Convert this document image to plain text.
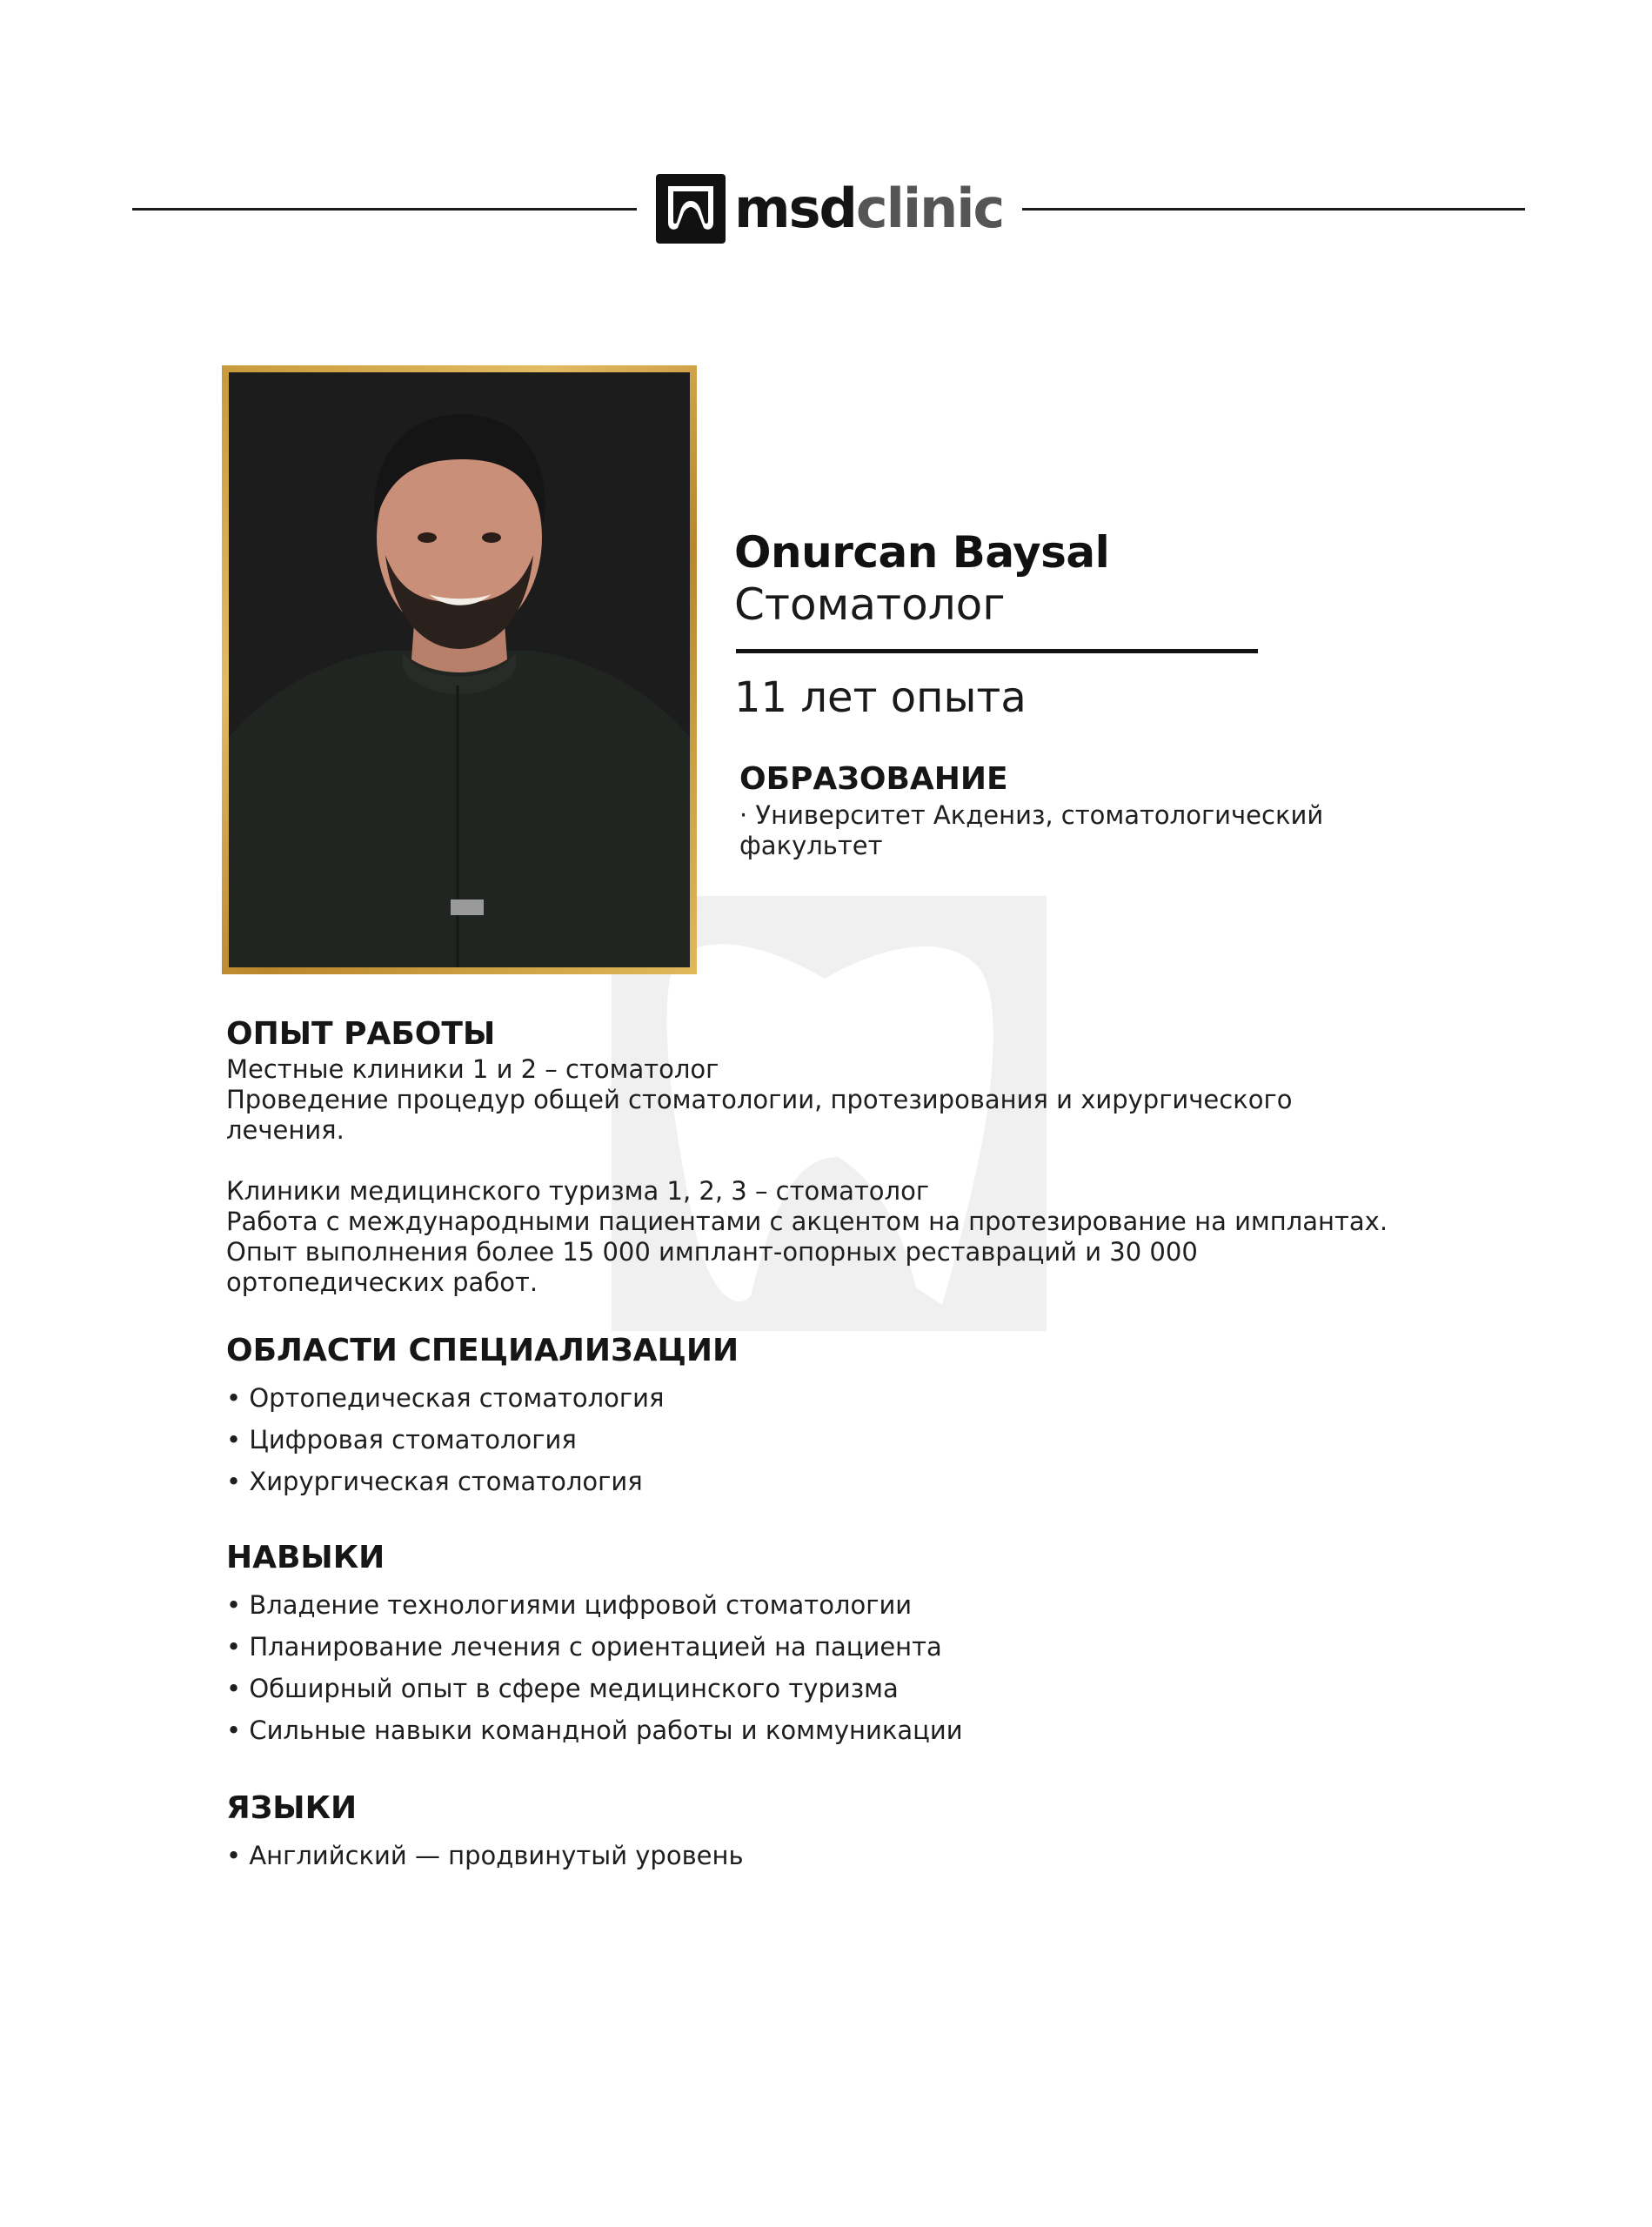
msdclinic
Onurcan Baysal
Стоматолог
11 лет опыта
ОБРАЗОВАНИЕ
· Университет Акдениз, стоматологический
факультет
ОПЫТ РАБОТЫ
Местные клиники 1 и 2 – стоматолог
Проведение процедур общей стоматологии, протезирования и хирургического
лечения.
Клиники медицинского туризма 1, 2, 3 – стоматолог
Работа с международными пациентами с акцентом на протезирование на имплантах.
Опыт выполнения более 15 000 имплант-опорных реставраций и 30 000
ортопедических работ.
ОБЛАСТИ СПЕЦИАЛИЗАЦИИ
• Ортопедическая стоматология
• Цифровая стоматология
• Хирургическая стоматология
НАВЫКИ
• Владение технологиями цифровой стоматологии
• Планирование лечения с ориентацией на пациента
• Обширный опыт в сфере медицинского туризма
• Сильные навыки командной работы и коммуникации
ЯЗЫКИ
• Английский — продвинутый уровень
